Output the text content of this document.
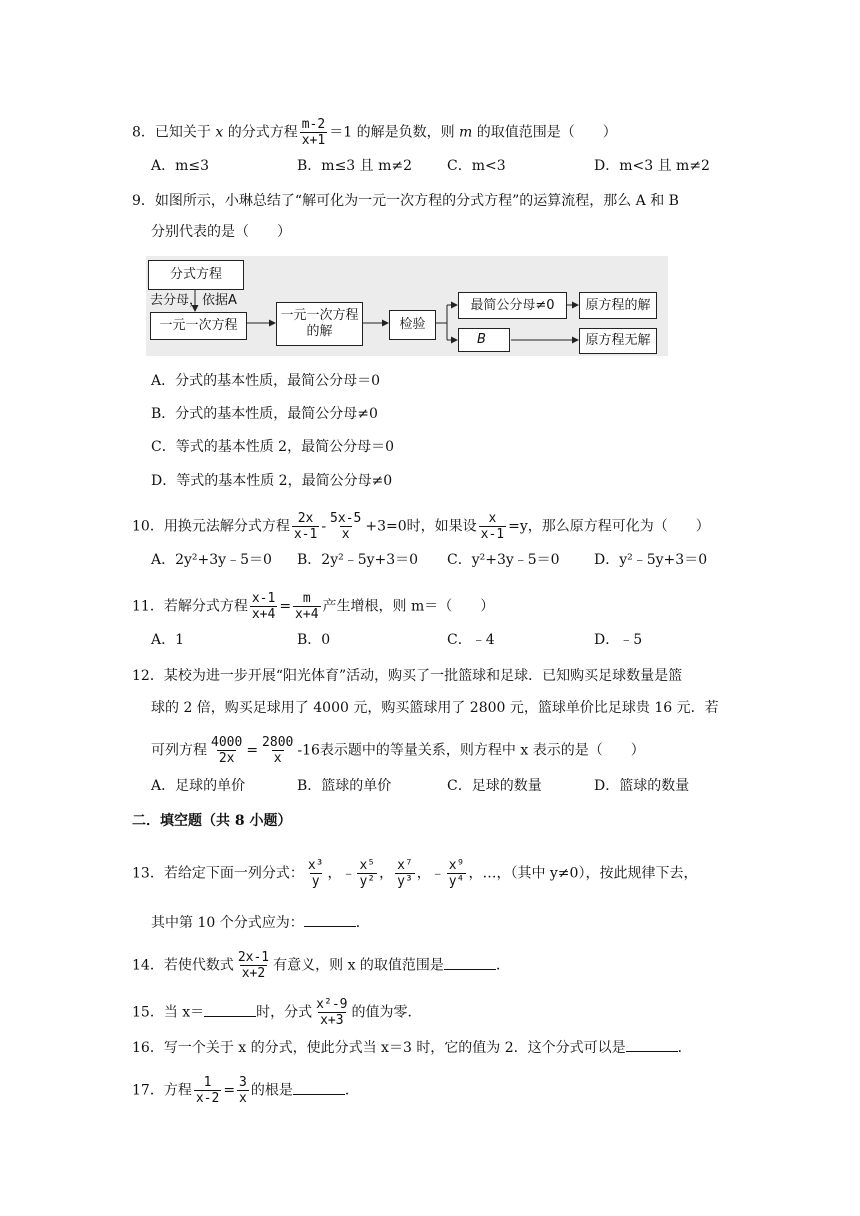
8．已知关于 x 的分式方程 $\frac{m-2}{x+1} =1$ 的解是负数，则 m 的取值范围是（　　）
A．m≤3	B．m≤3 且 m≠2 C．m<3	D．m<3 且 m≠2
9．如图所示，小琳总结了“解可化为一元一次方程的分式方程”的运算流程，那么 A 和 B
分别代表的是（　　）
分式方程
去分母，依据A
一元一次方程
一元一次方程的解	检验
最简公分母≠0	原方程的解
B	原方程无解
A．分式的基本性质，最简公分母＝0
B．分式的基本性质，最简公分母≠0
C．等式的基本性质 2，最简公分母＝0
D．等式的基本性质 2，最简公分母≠0
10．用换元法解分式方程 $\frac{2x}{x-1} - \frac{5x-5}{x} +3=0$时，如果设 $\frac{x}{x-1} =y$，那么原方程可化为（　　）
A．2y²+3y﹣5＝0 B．2y²﹣5y+3＝0 C．y²+3y﹣5＝0 D．y²﹣5y+3＝0
11．若解分式方程 $\frac{x-1}{x+4} = \frac{m}{x+4}$ 产生增根，则 m＝（　　）
A．1	B．0	C．﹣4	D．﹣5
12．某校为进一步开展“阳光体育”活动，购买了一批篮球和足球．已知购买足球数量是篮
球的 2 倍，购买足球用了 4000 元，购买篮球用了 2800 元，篮球单价比足球贵 16 元．若
可列方程 $\frac{4000}{2x} = \frac{2800}{x} -16$表示题中的等量关系，则方程中 x 表示的是（　　）
A．足球的单价	B．篮球的单价	C．足球的数量	D．篮球的数量
二．填空题（共 8 小题）
13．若给定下面一列分式： $\frac{\text{x³}}{y}$ ，﹣ $\frac{\text{x⁵}}{\text{y²}}$ ， $\frac{\text{x⁷}}{\text{y³}}$ ，﹣ $\frac{\text{x⁹}}{\text{y⁴}}$ ，…，（其中 y≠0），按此规律下去，
其中第 10 个分式应为：	．
14．若使代数式 $\frac{2x-1}{x+2}$ 有意义，则 x 的取值范围是	．
15．当 x＝	时，分式 $\frac{\text{x²-9}}{x+3}$ 的值为零．
16．写一个关于 x 的分式，使此分式当 x＝3 时，它的值为 2．这个分式可以是	．
17．方程 $\frac{1}{x-2} = \frac{3}{x}$ 的根是	．
